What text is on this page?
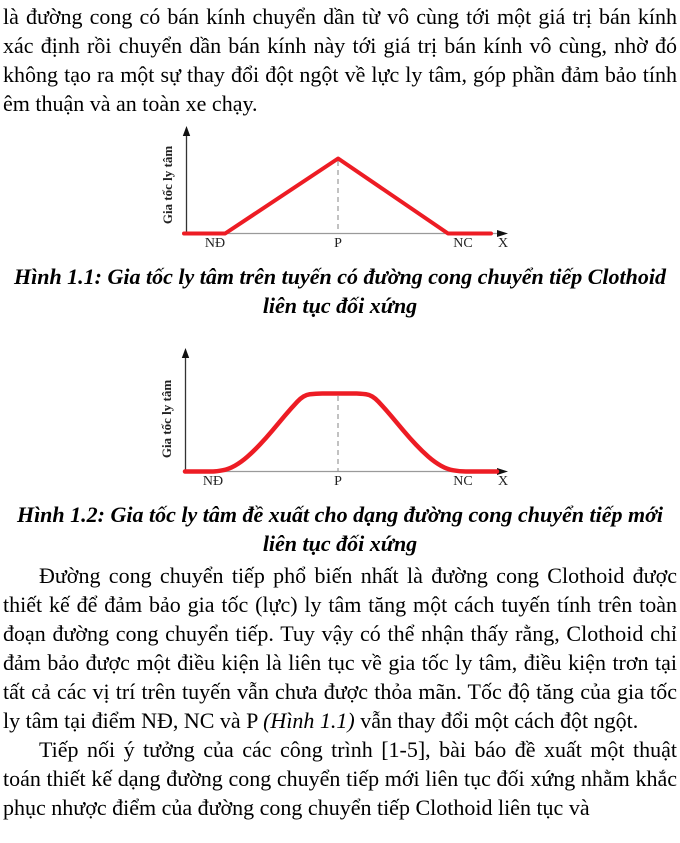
là đường cong có bán kính chuyển dần từ vô cùng tới một giá trị bán kính xác định rồi chuyển dần bán kính này tới giá trị bán kính vô cùng, nhờ đó không tạo ra một sự thay đổi đột ngột về lực ly tâm, góp phần đảm bảo tính êm thuận và an toàn xe chạy.

Gia tốc ly tâm
NĐ	P	NC X

Hình 1.1: Gia tốc ly tâm trên tuyến có đường cong chuyển tiếp Clothoid liên tục đối xứng

Gia tốc ly tâm
NĐ	P	NC X

Hình 1.2: Gia tốc ly tâm đề xuất cho dạng đường cong chuyển tiếp mới liên tục đối xứng

Đường cong chuyển tiếp phổ biến nhất là đường cong Clothoid được thiết kế để đảm bảo gia tốc (lực) ly tâm tăng một cách tuyến tính trên toàn đoạn đường cong chuyển tiếp. Tuy vậy có thể nhận thấy rằng, Clothoid chỉ đảm bảo được một điều kiện là liên tục về gia tốc ly tâm, điều kiện trơn tại tất cả các vị trí trên tuyến vẫn chưa được thỏa mãn. Tốc độ tăng của gia tốc ly tâm tại điểm NĐ, NC và P (Hình 1.1) vẫn thay đổi một cách đột ngột.

Tiếp nối ý tưởng của các công trình [1-5], bài báo đề xuất một thuật toán thiết kế dạng đường cong chuyển tiếp mới liên tục đối xứng nhằm khắc phục nhược điểm của đường cong chuyển tiếp Clothoid liên tục và
